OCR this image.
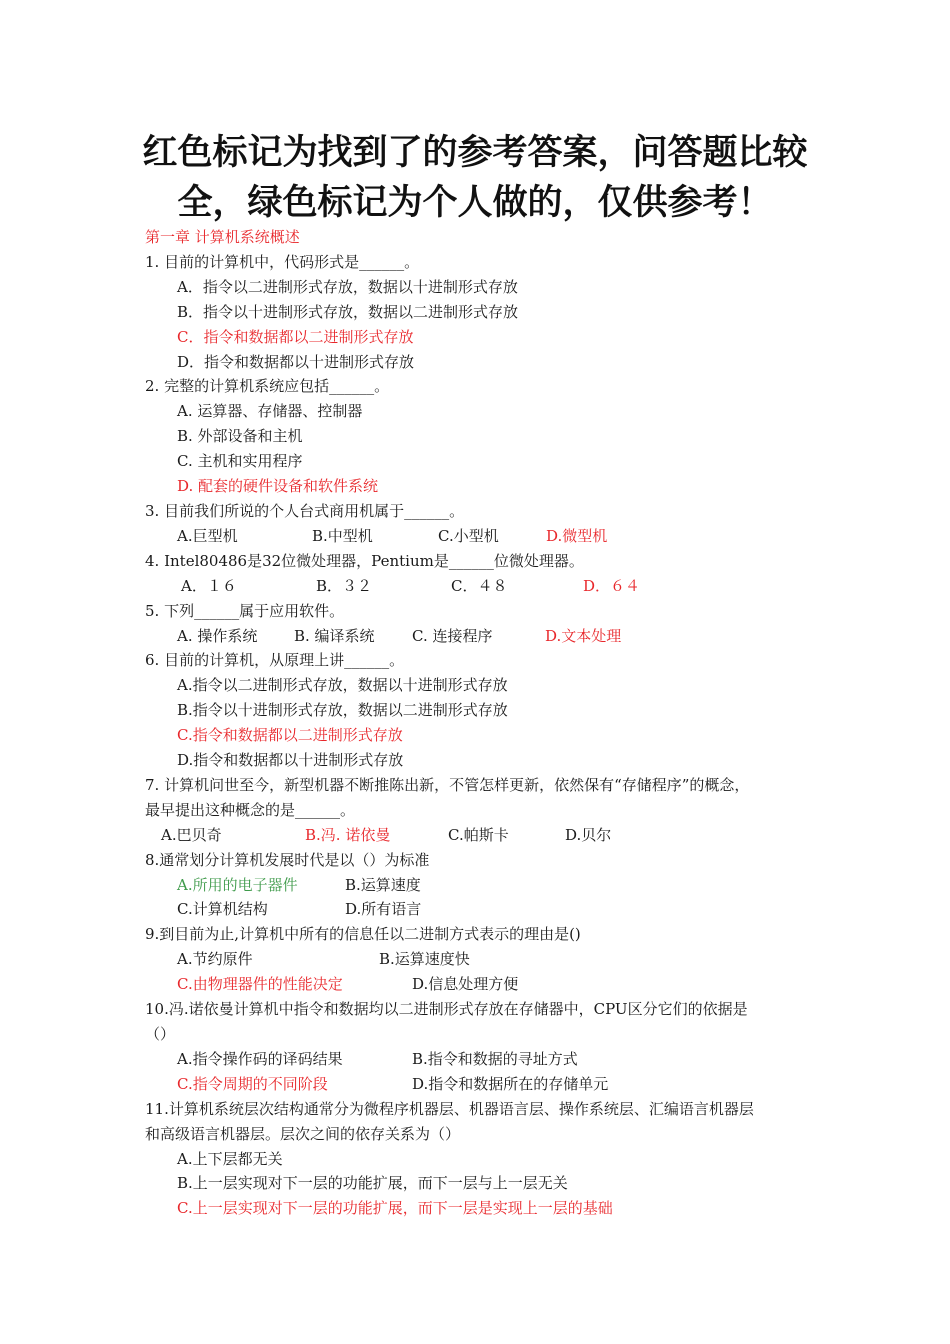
红色标记为找到了的参考答案，问答题比较
全，绿色标记为个人做的，仅供参考！
第一章 计算机系统概述
1. 目前的计算机中，代码形式是______。
A．指令以二进制形式存放，数据以十进制形式存放
B．指令以十进制形式存放，数据以二进制形式存放
C．指令和数据都以二进制形式存放
D．指令和数据都以十进制形式存放
2. 完整的计算机系统应包括______。
A. 运算器、存储器、控制器
B. 外部设备和主机
C. 主机和实用程序
D. 配套的硬件设备和软件系统
3. 目前我们所说的个人台式商用机属于______。
A.巨型机	B.中型机	C.小型机	D.微型机
4. Intel80486是32位微处理器，Pentium是______位微处理器。
A．１６	B．３２	C．４８	D．６４
5. 下列______属于应用软件。
A. 操作系统 B. 编译系统 C. 连接程序	D.文本处理
6. 目前的计算机，从原理上讲______。
A.指令以二进制形式存放，数据以十进制形式存放
B.指令以十进制形式存放，数据以二进制形式存放
C.指令和数据都以二进制形式存放
D.指令和数据都以十进制形式存放
7. 计算机问世至今，新型机器不断推陈出新，不管怎样更新，依然保有“存储程序”的概念，
最早提出这种概念的是______。
A.巴贝奇	B.冯. 诺依曼	C.帕斯卡	D.贝尔
8.通常划分计算机发展时代是以（）为标准
A.所用的电子器件	B.运算速度
C.计算机结构	D.所有语言
9.到目前为止,计算机中所有的信息任以二进制方式表示的理由是()
A.节约原件	B.运算速度快
C.由物理器件的性能决定	D.信息处理方便
10.冯.诺依曼计算机中指令和数据均以二进制形式存放在存储器中，CPU区分它们的依据是
（）
A.指令操作码的译码结果	B.指令和数据的寻址方式
C.指令周期的不同阶段	D.指令和数据所在的存储单元
11.计算机系统层次结构通常分为微程序机器层、机器语言层、操作系统层、汇编语言机器层
和高级语言机器层。层次之间的依存关系为（）
A.上下层都无关
B.上一层实现对下一层的功能扩展，而下一层与上一层无关
C.上一层实现对下一层的功能扩展，而下一层是实现上一层的基础
